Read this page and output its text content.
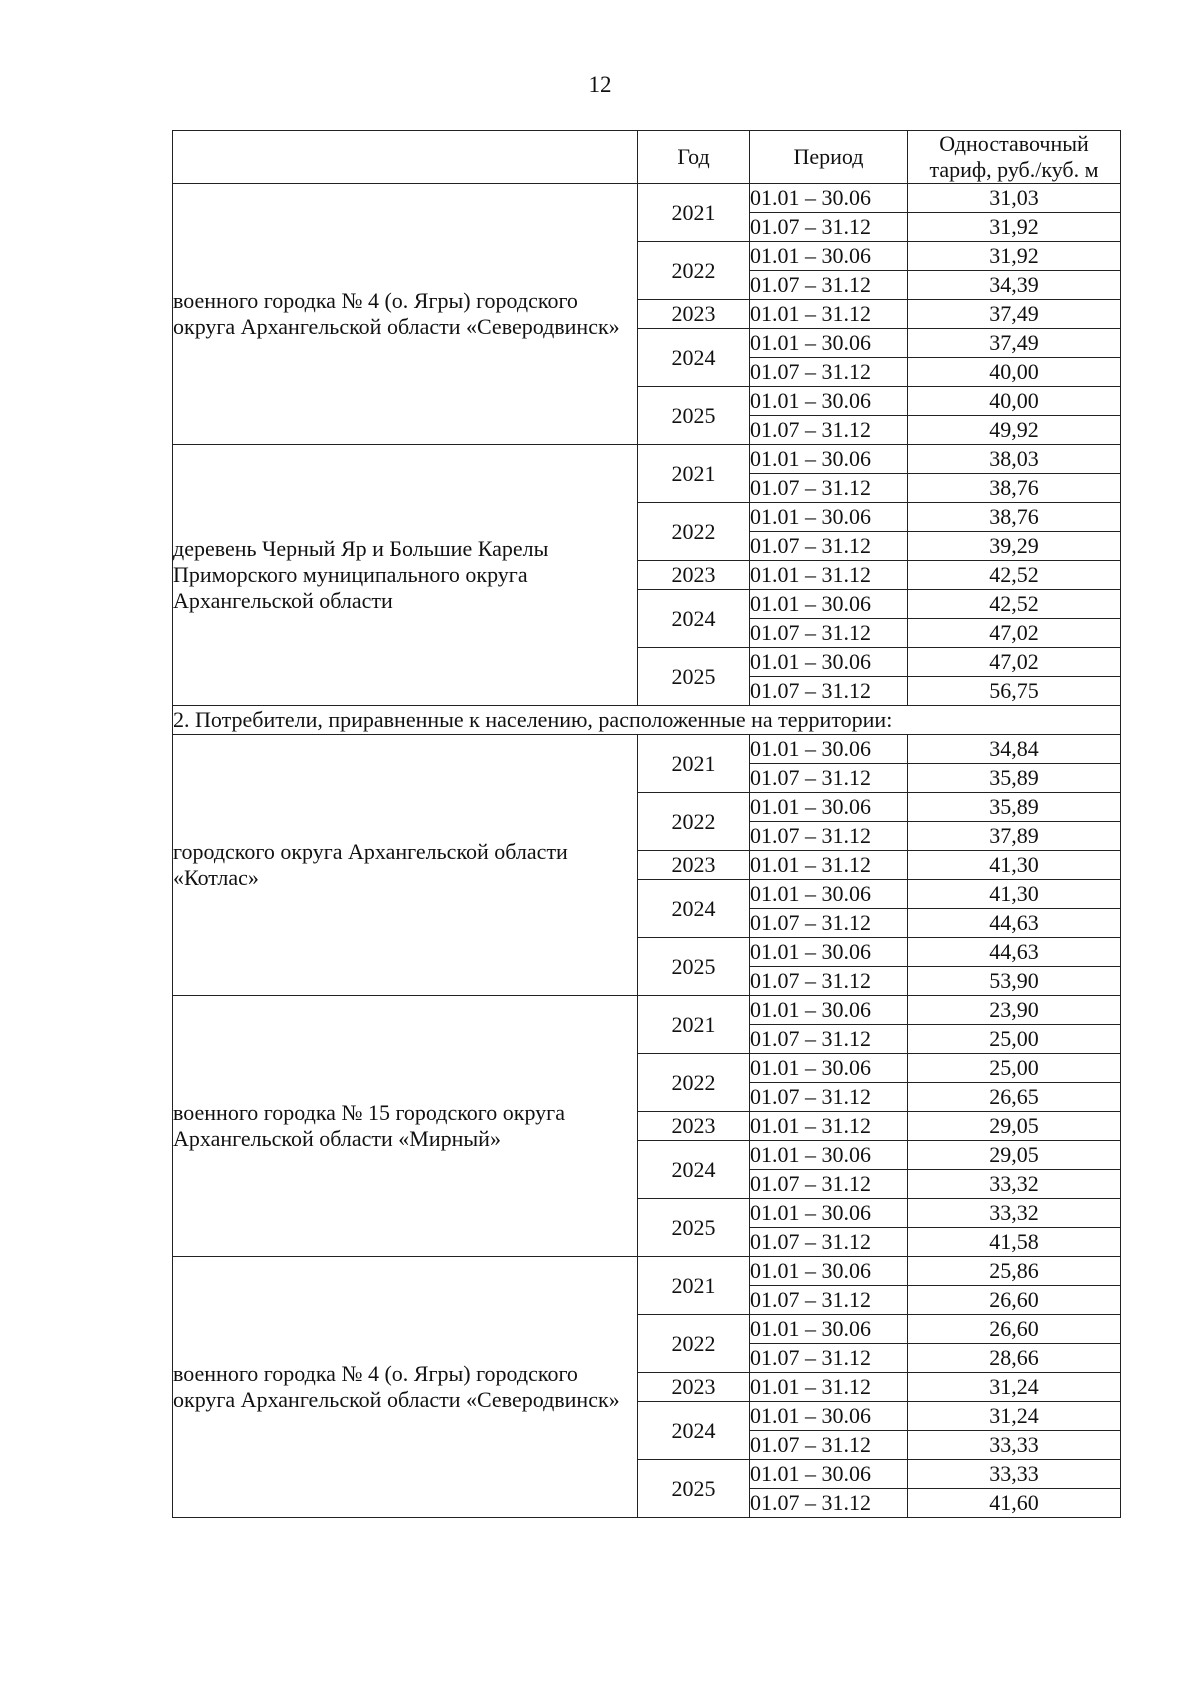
12
	Год	Период	Одноставочный
тариф, руб./куб. м
военного городка № 4 (о. Ягры) городского округа Архангельской области «Северодвинск»	2021	01.01 – 30.06	31,03
		01.07 – 31.12	31,92
	2022	01.01 – 30.06	31,92
		01.07 – 31.12	34,39
	2023	01.01 – 31.12	37,49
	2024	01.01 – 30.06	37,49
		01.07 – 31.12	40,00
	2025	01.01 – 30.06	40,00
		01.07 – 31.12	49,92
деревень Черный Яр и Большие Карелы Приморского муниципального округа Архангельской области	2021	01.01 – 30.06	38,03
		01.07 – 31.12	38,76
	2022	01.01 – 30.06	38,76
		01.07 – 31.12	39,29
	2023	01.01 – 31.12	42,52
	2024	01.01 – 30.06	42,52
		01.07 – 31.12	47,02
	2025	01.01 – 30.06	47,02
		01.07 – 31.12	56,75
2. Потребители, приравненные к населению, расположенные на территории:			
городского округа Архангельской области «Котлас»	2021	01.01 – 30.06	34,84
		01.07 – 31.12	35,89
	2022	01.01 – 30.06	35,89
		01.07 – 31.12	37,89
	2023	01.01 – 31.12	41,30
	2024	01.01 – 30.06	41,30
		01.07 – 31.12	44,63
	2025	01.01 – 30.06	44,63
		01.07 – 31.12	53,90
военного городка № 15 городского округа Архангельской области «Мирный»	2021	01.01 – 30.06	23,90
		01.07 – 31.12	25,00
	2022	01.01 – 30.06	25,00
		01.07 – 31.12	26,65
	2023	01.01 – 31.12	29,05
	2024	01.01 – 30.06	29,05
		01.07 – 31.12	33,32
	2025	01.01 – 30.06	33,32
		01.07 – 31.12	41,58
военного городка № 4 (о. Ягры) городского округа Архангельской области «Северодвинск»	2021	01.01 – 30.06	25,86
		01.07 – 31.12	26,60
	2022	01.01 – 30.06	26,60
		01.07 – 31.12	28,66
	2023	01.01 – 31.12	31,24
	2024	01.01 – 30.06	31,24
		01.07 – 31.12	33,33
	2025	01.01 – 30.06	33,33
		01.07 – 31.12	41,60
